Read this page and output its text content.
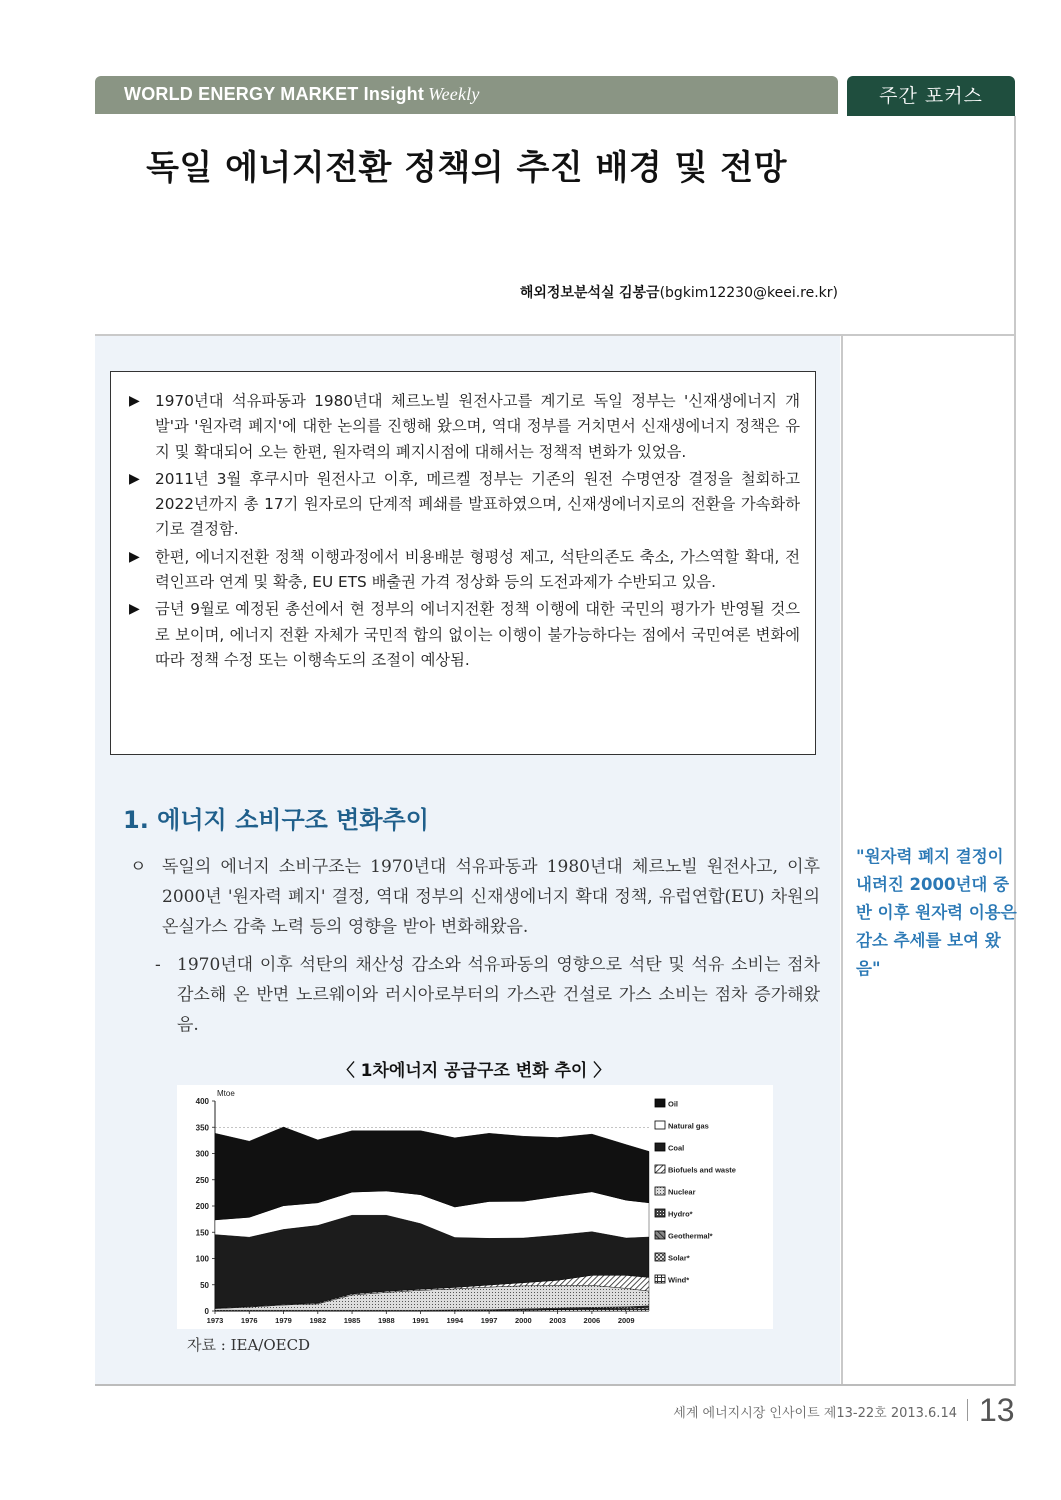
WORLD ENERGY MARKET Insight Weekly	주간 포커스
독일 에너지전환 정책의 추진 배경 및 전망
해외정보분석실 김봉금(bgkim12230@keei.re.kr)
▶ 1970년대 석유파동과 1980년대 체르노빌 원전사고를 계기로 독일 정부는 '신재생에너지 개발'과 '원자력 폐지'에 대한 논의를 진행해 왔으며, 역대 정부를 거치면서 신재생에너지 정책은 유지 및 확대되어 오는 한편, 원자력의 폐지시점에 대해서는 정책적 변화가 있었음.
▶ 2011년 3월 후쿠시마 원전사고 이후, 메르켈 정부는 기존의 원전 수명연장 결정을 철회하고 2022년까지 총 17기 원자로의 단계적 폐쇄를 발표하였으며, 신재생에너지로의 전환을 가속화하기로 결정함.
▶ 한편, 에너지전환 정책 이행과정에서 비용배분 형평성 제고, 석탄의존도 축소, 가스역할 확대, 전력인프라 연계 및 확충, EU ETS 배출권 가격 정상화 등의 도전과제가 수반되고 있음.
▶ 금년 9월로 예정된 총선에서 현 정부의 에너지전환 정책 이행에 대한 국민의 평가가 반영될 것으로 보이며, 에너지 전환 자체가 국민적 합의 없이는 이행이 불가능하다는 점에서 국민여론 변화에 따라 정책 수정 또는 이행속도의 조절이 예상됨.
1. 에너지 소비구조 변화추이
ㅇ 독일의 에너지 소비구조는 1970년대 석유파동과 1980년대 체르노빌 원전사고, 이후 2000년 '원자력 폐지' 결정, 역대 정부의 신재생에너지 확대 정책, 유럽연합(EU) 차원의 온실가스 감축 노력 등의 영향을 받아 변화해왔음.
- 1970년대 이후 석탄의 채산성 감소와 석유파동의 영향으로 석탄 및 석유 소비는 점차 감소해 온 반면 노르웨이와 러시아로부터의 가스관 건설로 가스 소비는 점차 증가해왔음.
〈 1차에너지 공급구조 변화 추이 〉
Mtoe
0
50
100
150
200
250
300
350
400
1973 1976 1979 1982 1985 1988 1991 1994 1997 2000 2003 2006 2009
Oil
Natural gas
Coal
Biofuels and waste
Nuclear
Hydro*
Geothermal*
Solar*
Wind*
자료 : IEA/OECD
"원자력 폐지 결정이 내려진 2000년대 중반 이후 원자력 이용은 감소 추세를 보여 왔음"
세계 에너지시장 인사이트 제13-22호 2013.6.14 13
